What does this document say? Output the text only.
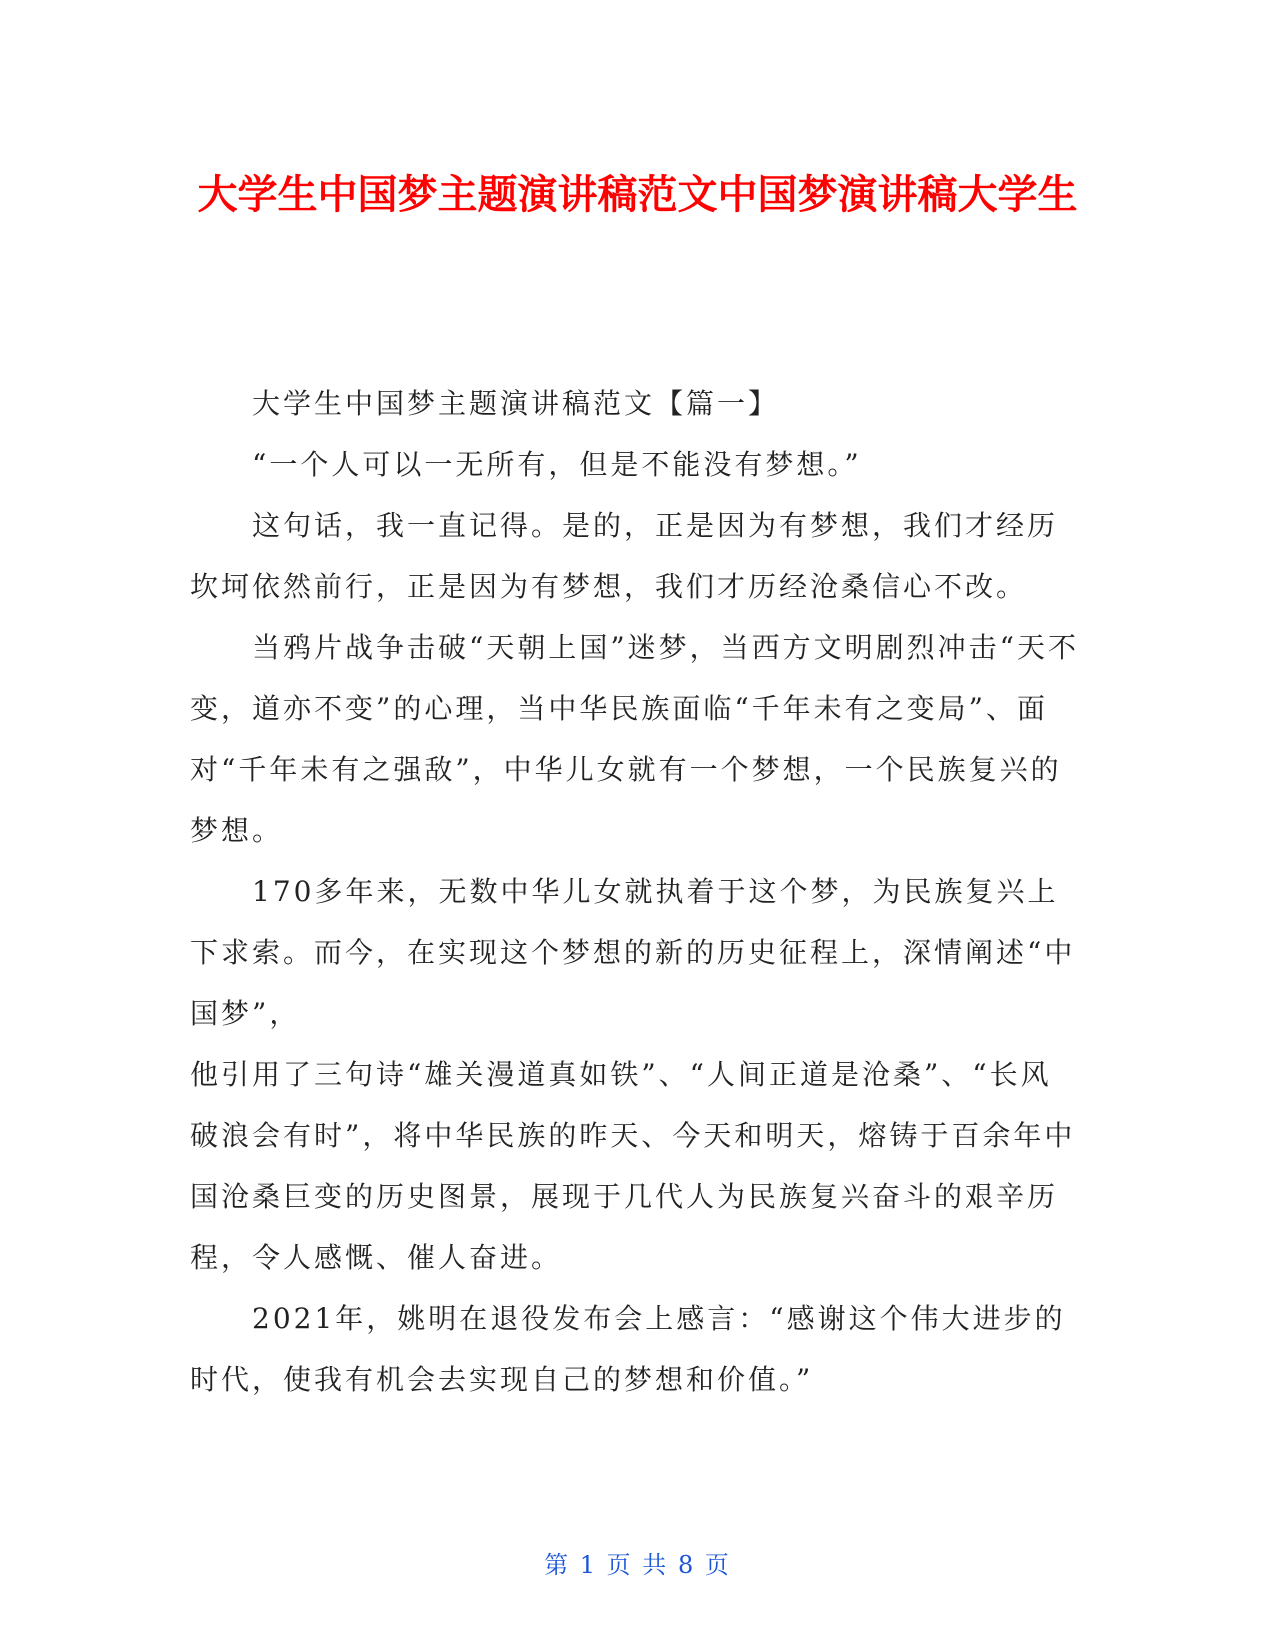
大学生中国梦主题演讲稿范文中国梦演讲稿大学生

大学生中国梦主题演讲稿范文【篇一】

“一个人可以一无所有，但是不能没有梦想。”

这句话，我一直记得。是的，正是因为有梦想，我们才经历坎坷依然前行，正是因为有梦想，我们才历经沧桑信心不改。

当鸦片战争击破“天朝上国”迷梦，当西方文明剧烈冲击“天不变，道亦不变”的心理，当中华民族面临“千年未有之变局”、面对“千年未有之强敌”，中华儿女就有一个梦想，一个民族复兴的梦想。

170多年来，无数中华儿女就执着于这个梦，为民族复兴上下求索。而今，在实现这个梦想的新的历史征程上，深情阐述“中国梦”，

他引用了三句诗“雄关漫道真如铁”、“人间正道是沧桑”、“长风破浪会有时”，将中华民族的昨天、今天和明天，熔铸于百余年中国沧桑巨变的历史图景，展现于几代人为民族复兴奋斗的艰辛历程，令人感慨、催人奋进。

2021年，姚明在退役发布会上感言：“感谢这个伟大进步的时代，使我有机会去实现自己的梦想和价值。”

第 1 页 共 8 页
